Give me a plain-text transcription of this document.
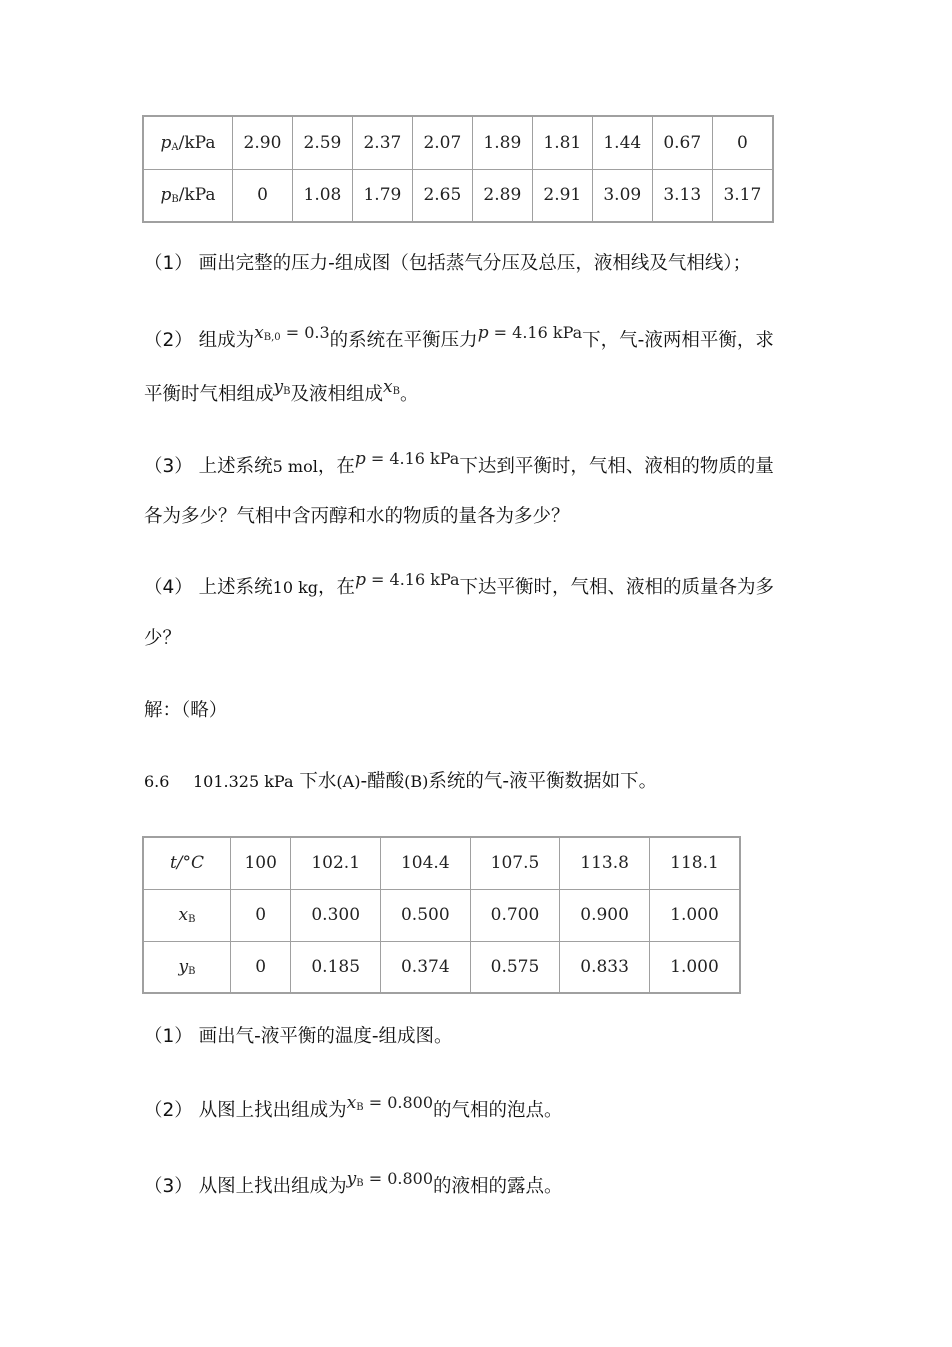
$p_A$/kPa	2.90	2.59	2.37	2.07	1.89	1.81	1.44	0.67	0
$p_B$/kPa	0	1.08	1.79	2.65	2.89	2.91	3.09	3.13	3.17
（1） 画出完整的压力-组成图（包括蒸气分压及总压，液相线及气相线）；
（2） 组成为$x_{B,0} = 0.3$的系统在平衡压力p = 4.16 kPa下，气-液两相平衡，求
平衡时气相组成$y_B$及液相组成$x_B$。
（3） 上述系统5 mol，在p = 4.16 kPa下达到平衡时，气相、液相的物质的量
各为多少？气相中含丙醇和水的物质的量各为多少？
（4） 上述系统10 kg，在p = 4.16 kPa下达平衡时，气相、液相的质量各为多
少？
解：（略）
6.6 101.325 kPa 下水(A)-醋酸(B)系统的气-液平衡数据如下。
t/°C	100	102.1	104.4	107.5	113.8	118.1
$x_B$	0	0.300	0.500	0.700	0.900	1.000
$y_B$	0	0.185	0.374	0.575	0.833	1.000
（1） 画出气-液平衡的温度-组成图。
（2） 从图上找出组成为$x_B = 0.800$的气相的泡点。
（3） 从图上找出组成为$y_B = 0.800$的液相的露点。
